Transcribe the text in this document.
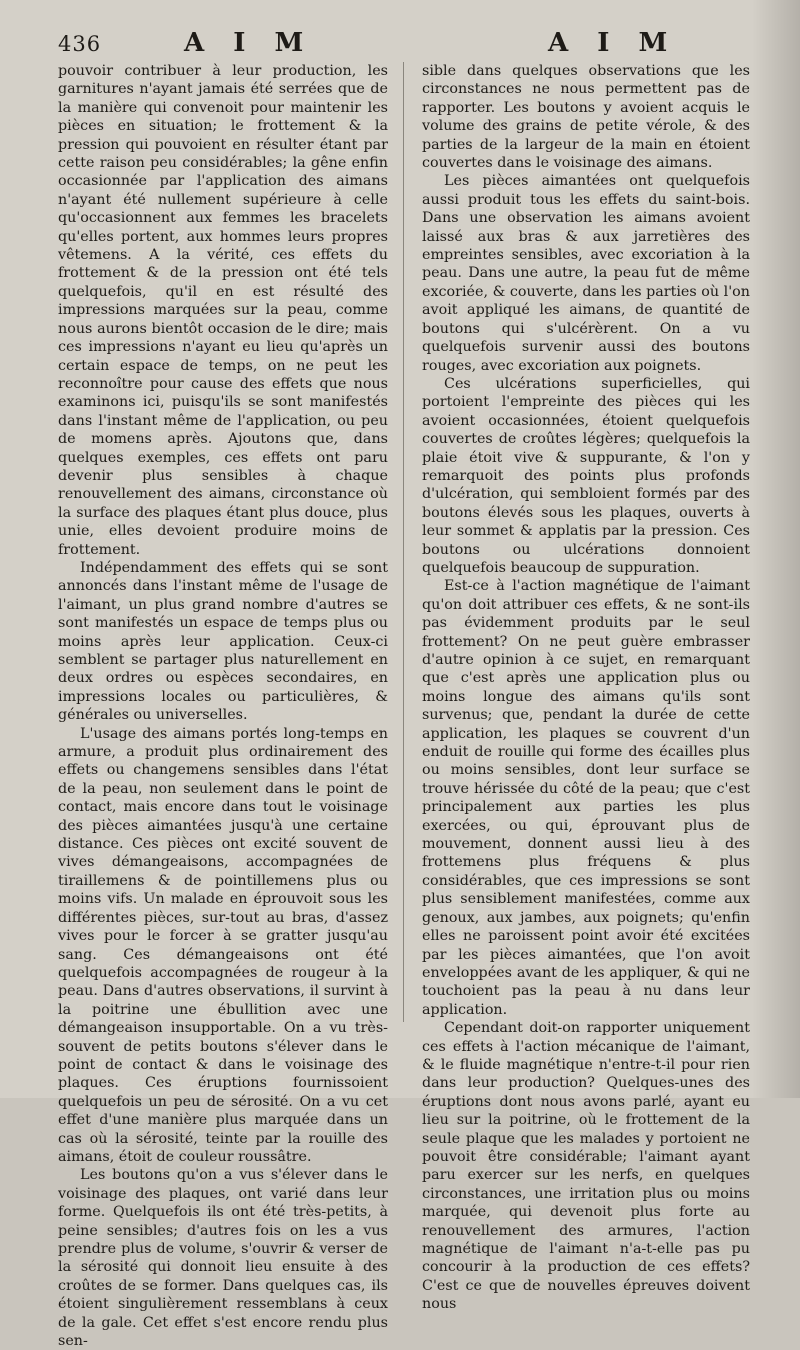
436	A I M	A I M

pouvoir contribuer à leur production, les garnitures n'ayant jamais été serrées que de la manière qui convenoit pour maintenir les pièces en situation; le frottement & la pression qui pouvoient en résulter étant par cette raison peu considérables; la gêne enfin occasionnée par l'application des aimans n'ayant été nullement supérieure à celle qu'occasionnent aux femmes les bracelets qu'elles portent, aux hommes leurs propres vêtemens. A la vérité, ces effets du frottement & de la pression ont été tels quelquefois, qu'il en est résulté des impressions marquées sur la peau, comme nous aurons bientôt occasion de le dire; mais ces impressions n'ayant eu lieu qu'après un certain espace de temps, on ne peut les reconnoître pour cause des effets que nous examinons ici, puisqu'ils se sont manifestés dans l'instant même de l'application, ou peu de momens après. Ajoutons que, dans quelques exemples, ces effets ont paru devenir plus sensibles à chaque renouvellement des aimans, circonstance où la surface des plaques étant plus douce, plus unie, elles devoient produire moins de frottement.

Indépendamment des effets qui se sont annoncés dans l'instant même de l'usage de l'aimant, un plus grand nombre d'autres se sont manifestés un espace de temps plus ou moins après leur application. Ceux-ci semblent se partager plus naturellement en deux ordres ou espèces secondaires, en impressions locales ou particulières, & générales ou universelles.

L'usage des aimans portés long-temps en armure, a produit plus ordinairement des effets ou changemens sensibles dans l'état de la peau, non seulement dans le point de contact, mais encore dans tout le voisinage des pièces aimantées jusqu'à une certaine distance. Ces pièces ont excité souvent de vives démangeaisons, accompagnées de tiraillemens & de pointillemens plus ou moins vifs. Un malade en éprouvoit sous les différentes pièces, sur-tout au bras, d'assez vives pour le forcer à se gratter jusqu'au sang. Ces démangeaisons ont été quelquefois accompagnées de rougeur à la peau. Dans d'autres observations, il survint à la poitrine une ébullition avec une démangeaison insupportable. On a vu très-souvent de petits boutons s'élever dans le point de contact & dans le voisinage des plaques. Ces éruptions fournissoient quelquefois un peu de sérosité. On a vu cet effet d'une manière plus marquée dans un cas où la sérosité, teinte par la rouille des aimans, étoit de couleur roussâtre.

Les boutons qu'on a vus s'élever dans le voisinage des plaques, ont varié dans leur forme. Quelquefois ils ont été très-petits, à peine sensibles; d'autres fois on les a vus prendre plus de volume, s'ouvrir & verser de la sérosité qui donnoit lieu ensuite à des croûtes de se former. Dans quelques cas, ils étoient singulièrement ressemblans à ceux de la gale. Cet effet s'est encore rendu plus sen-

sible dans quelques observations que les circonstances ne nous permettent pas de rapporter. Les boutons y avoient acquis le volume des grains de petite vérole, & des parties de la largeur de la main en étoient couvertes dans le voisinage des aimans.

Les pièces aimantées ont quelquefois aussi produit tous les effets du saint-bois. Dans une observation les aimans avoient laissé aux bras & aux jarretières des empreintes sensibles, avec excoriation à la peau. Dans une autre, la peau fut de même excoriée, & couverte, dans les parties où l'on avoit appliqué les aimans, de quantité de boutons qui s'ulcérèrent. On a vu quelquefois survenir aussi des boutons rouges, avec excoriation aux poignets.

Ces ulcérations superficielles, qui portoient l'empreinte des pièces qui les avoient occasionnées, étoient quelquefois couvertes de croûtes légères; quelquefois la plaie étoit vive & suppurante, & l'on y remarquoit des points plus profonds d'ulcération, qui sembloient formés par des boutons élevés sous les plaques, ouverts à leur sommet & applatis par la pression. Ces boutons ou ulcérations donnoient quelquefois beaucoup de suppuration.

Est-ce à l'action magnétique de l'aimant qu'on doit attribuer ces effets, & ne sont-ils pas évidemment produits par le seul frottement? On ne peut guère embrasser d'autre opinion à ce sujet, en remarquant que c'est après une application plus ou moins longue des aimans qu'ils sont survenus; que, pendant la durée de cette application, les plaques se couvrent d'un enduit de rouille qui forme des écailles plus ou moins sensibles, dont leur surface se trouve hérissée du côté de la peau; que c'est principalement aux parties les plus exercées, ou qui, éprouvant plus de mouvement, donnent aussi lieu à des frottemens plus fréquens & plus considérables, que ces impressions se sont plus sensiblement manifestées, comme aux genoux, aux jambes, aux poignets; qu'enfin elles ne paroissent point avoir été excitées par les pièces aimantées, que l'on avoit enveloppées avant de les appliquer, & qui ne touchoient pas la peau à nu dans leur application.

Cependant doit-on rapporter uniquement ces effets à l'action mécanique de l'aimant, & le fluide magnétique n'entre-t-il pour rien dans leur production? Quelques-unes des éruptions dont nous avons parlé, ayant eu lieu sur la poitrine, où le frottement de la seule plaque que les malades y portoient ne pouvoit être considérable; l'aimant ayant paru exercer sur les nerfs, en quelques circonstances, une irritation plus ou moins marquée, qui devenoit plus forte au renouvellement des armures, l'action magnétique de l'aimant n'a-t-elle pas pu concourir à la production de ces effets? C'est ce que de nouvelles épreuves doivent nous
